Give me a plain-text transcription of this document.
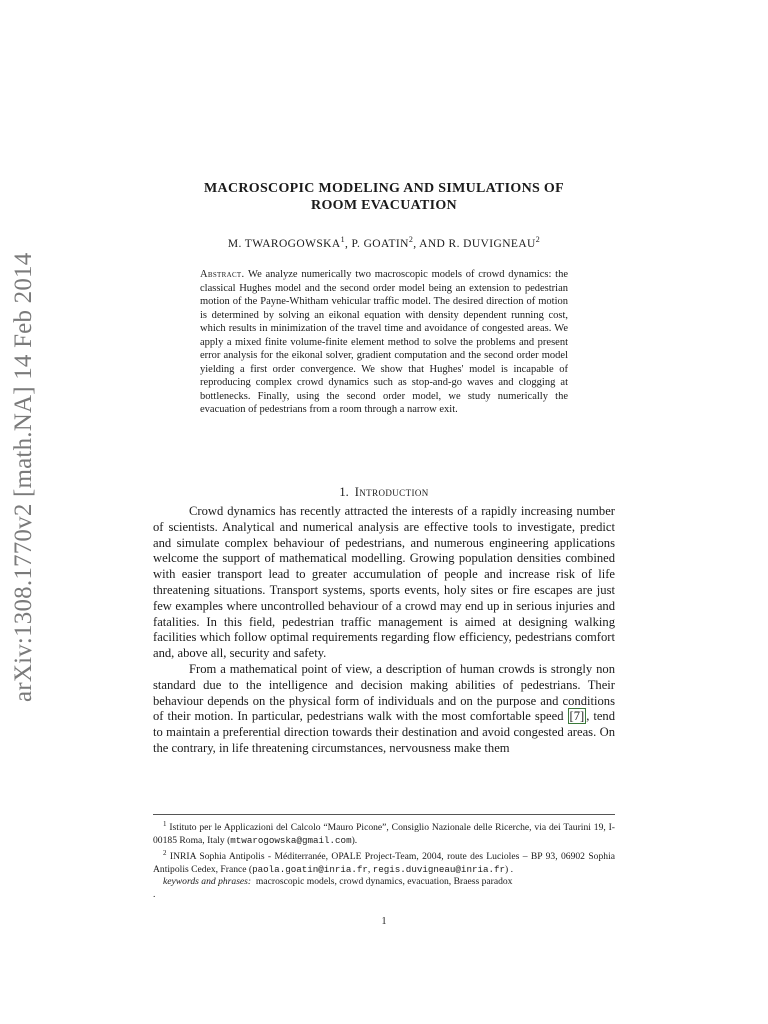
arXiv:1308.1770v2 [math.NA] 14 Feb 2014
MACROSCOPIC MODELING AND SIMULATIONS OF
ROOM EVACUATION
M. TWAROGOWSKA$^1$, P. GOATIN$^2$, AND R. DUVIGNEAU$^2$
Abstract. We analyze numerically two macroscopic models of crowd dynamics: the classical Hughes model and the second order model being an extension to pedestrian motion of the Payne-Whitham vehicular traffic model. The desired direction of motion is determined by solving an eikonal equation with density dependent running cost, which results in minimization of the travel time and avoidance of congested areas. We apply a mixed finite volume-finite element method to solve the problems and present error analysis for the eikonal solver, gradient computation and the second order model yielding a first order convergence. We show that Hughes' model is incapable of reproducing complex crowd dynamics such as stop-and-go waves and clogging at bottlenecks. Finally, using the second order model, we study numerically the evacuation of pedestrians from a room through a narrow exit.
1. Introduction

Crowd dynamics has recently attracted the interests of a rapidly increasing number of scientists. Analytical and numerical analysis are effective tools to investigate, predict and simulate complex behaviour of pedestrians, and numerous engineering applications welcome the support of mathematical modelling. Growing population densities combined with easier transport lead to greater accumulation of people and increase risk of life threatening situations. Transport systems, sports events, holy sites or fire escapes are just few examples where uncontrolled behaviour of a crowd may end up in serious injuries and fatalities. In this field, pedestrian traffic management is aimed at designing walking facilities which follow optimal requirements regarding flow efficiency, pedestrians comfort and, above all, security and safety.

From a mathematical point of view, a description of human crowds is strongly non standard due to the intelligence and decision making abilities of pedestrians. Their behaviour depends on the physical form of individuals and on the purpose and conditions of their motion. In particular, pedestrians walk with the most comfortable speed [7] , tend to maintain a preferential direction towards their destination and avoid congested areas. On the contrary, in life threatening circumstances, nervousness make them

$^1$ Istituto per le Applicazioni del Calcolo “Mauro Picone”, Consiglio Nazionale delle Ricerche, via dei Taurini 19, I-00185 Roma, Italy (mtwarogowska@gmail.com).

$^2$ INRIA Sophia Antipolis - Méditerranée, OPALE Project-Team, 2004, route des Lucioles – BP 93, 06902 Sophia Antipolis Cedex, France (paola.goatin@inria.fr, regis.duvigneau@inria.fr) .

keywords and phrases: macroscopic models, crowd dynamics, evacuation, Braess paradox

.
1
